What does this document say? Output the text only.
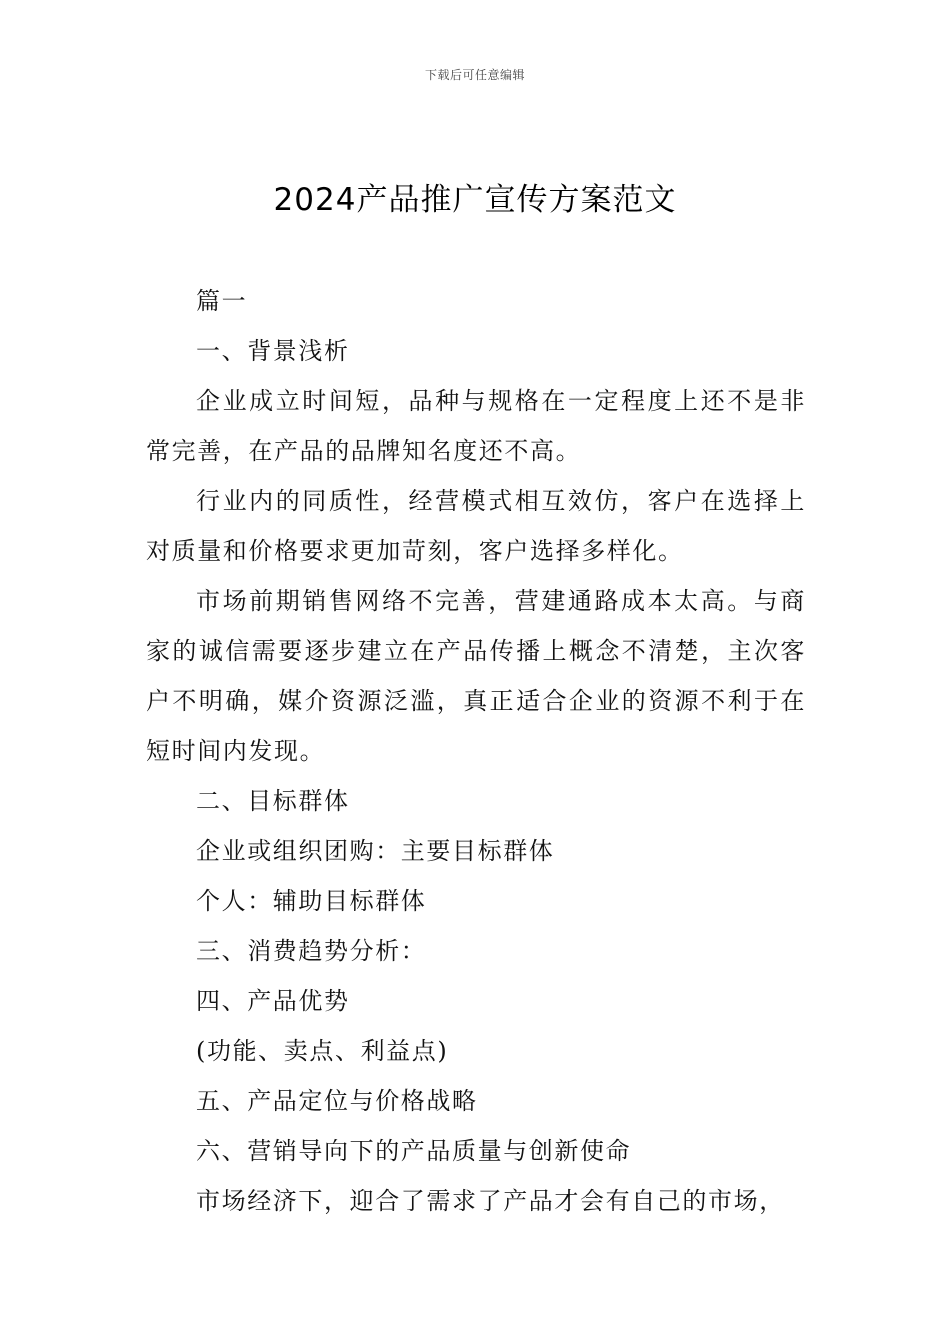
下载后可任意编辑
2024产品推广宣传方案范文

篇一

一、背景浅析

企业成立时间短，品种与规格在一定程度上还不是非常完善，在产品的品牌知名度还不高。

行业内的同质性，经营模式相互效仿，客户在选择上对质量和价格要求更加苛刻，客户选择多样化。

市场前期销售网络不完善，营建通路成本太高。与商家的诚信需要逐步建立在产品传播上概念不清楚，主次客户不明确，媒介资源泛滥，真正适合企业的资源不利于在短时间内发现。

二、目标群体

企业或组织团购：主要目标群体

个人：辅助目标群体

三、消费趋势分析：

四、产品优势

(功能、卖点、利益点)

五、产品定位与价格战略

六、营销导向下的产品质量与创新使命

市场经济下，迎合了需求了产品才会有自己的市场，
